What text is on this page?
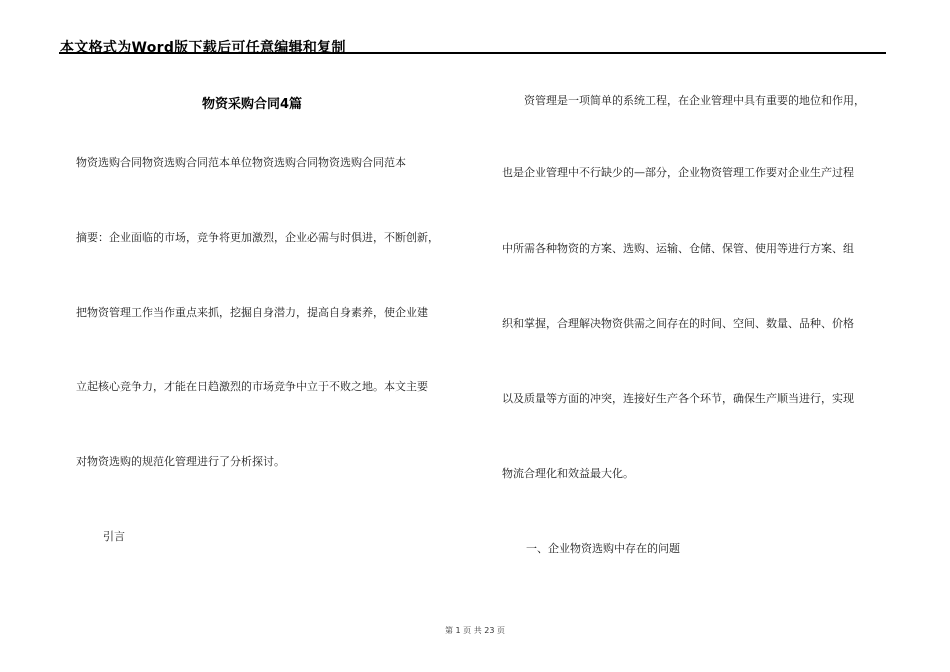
本文格式为Word版下载后可任意编辑和复制
物资采购合同4篇
物资选购合同物资选购合同范本单位物资选购合同物资选购合同范本
摘要：企业面临的市场，竞争将更加激烈，企业必需与时俱进，不断创新，
把物资管理工作当作重点来抓，挖掘自身潜力，提高自身素养，使企业建
立起核心竞争力，才能在日趋激烈的市场竞争中立于不败之地。本文主要
对物资选购的规范化管理进行了分析探讨。
引言
资管理是一项简单的系统工程，在企业管理中具有重要的地位和作用，
也是企业管理中不行缺少的—部分，企业物资管理工作要对企业生产过程
中所需各种物资的方案、选购、运输、仓储、保管、使用等进行方案、组
织和掌握，合理解决物资供需之间存在的时间、空间、数量、品种、价格
以及质量等方面的冲突，连接好生产各个环节，确保生产顺当进行，实现
物流合理化和效益最大化。
一、企业物资选购中存在的问题
第 1 页 共 23 页
